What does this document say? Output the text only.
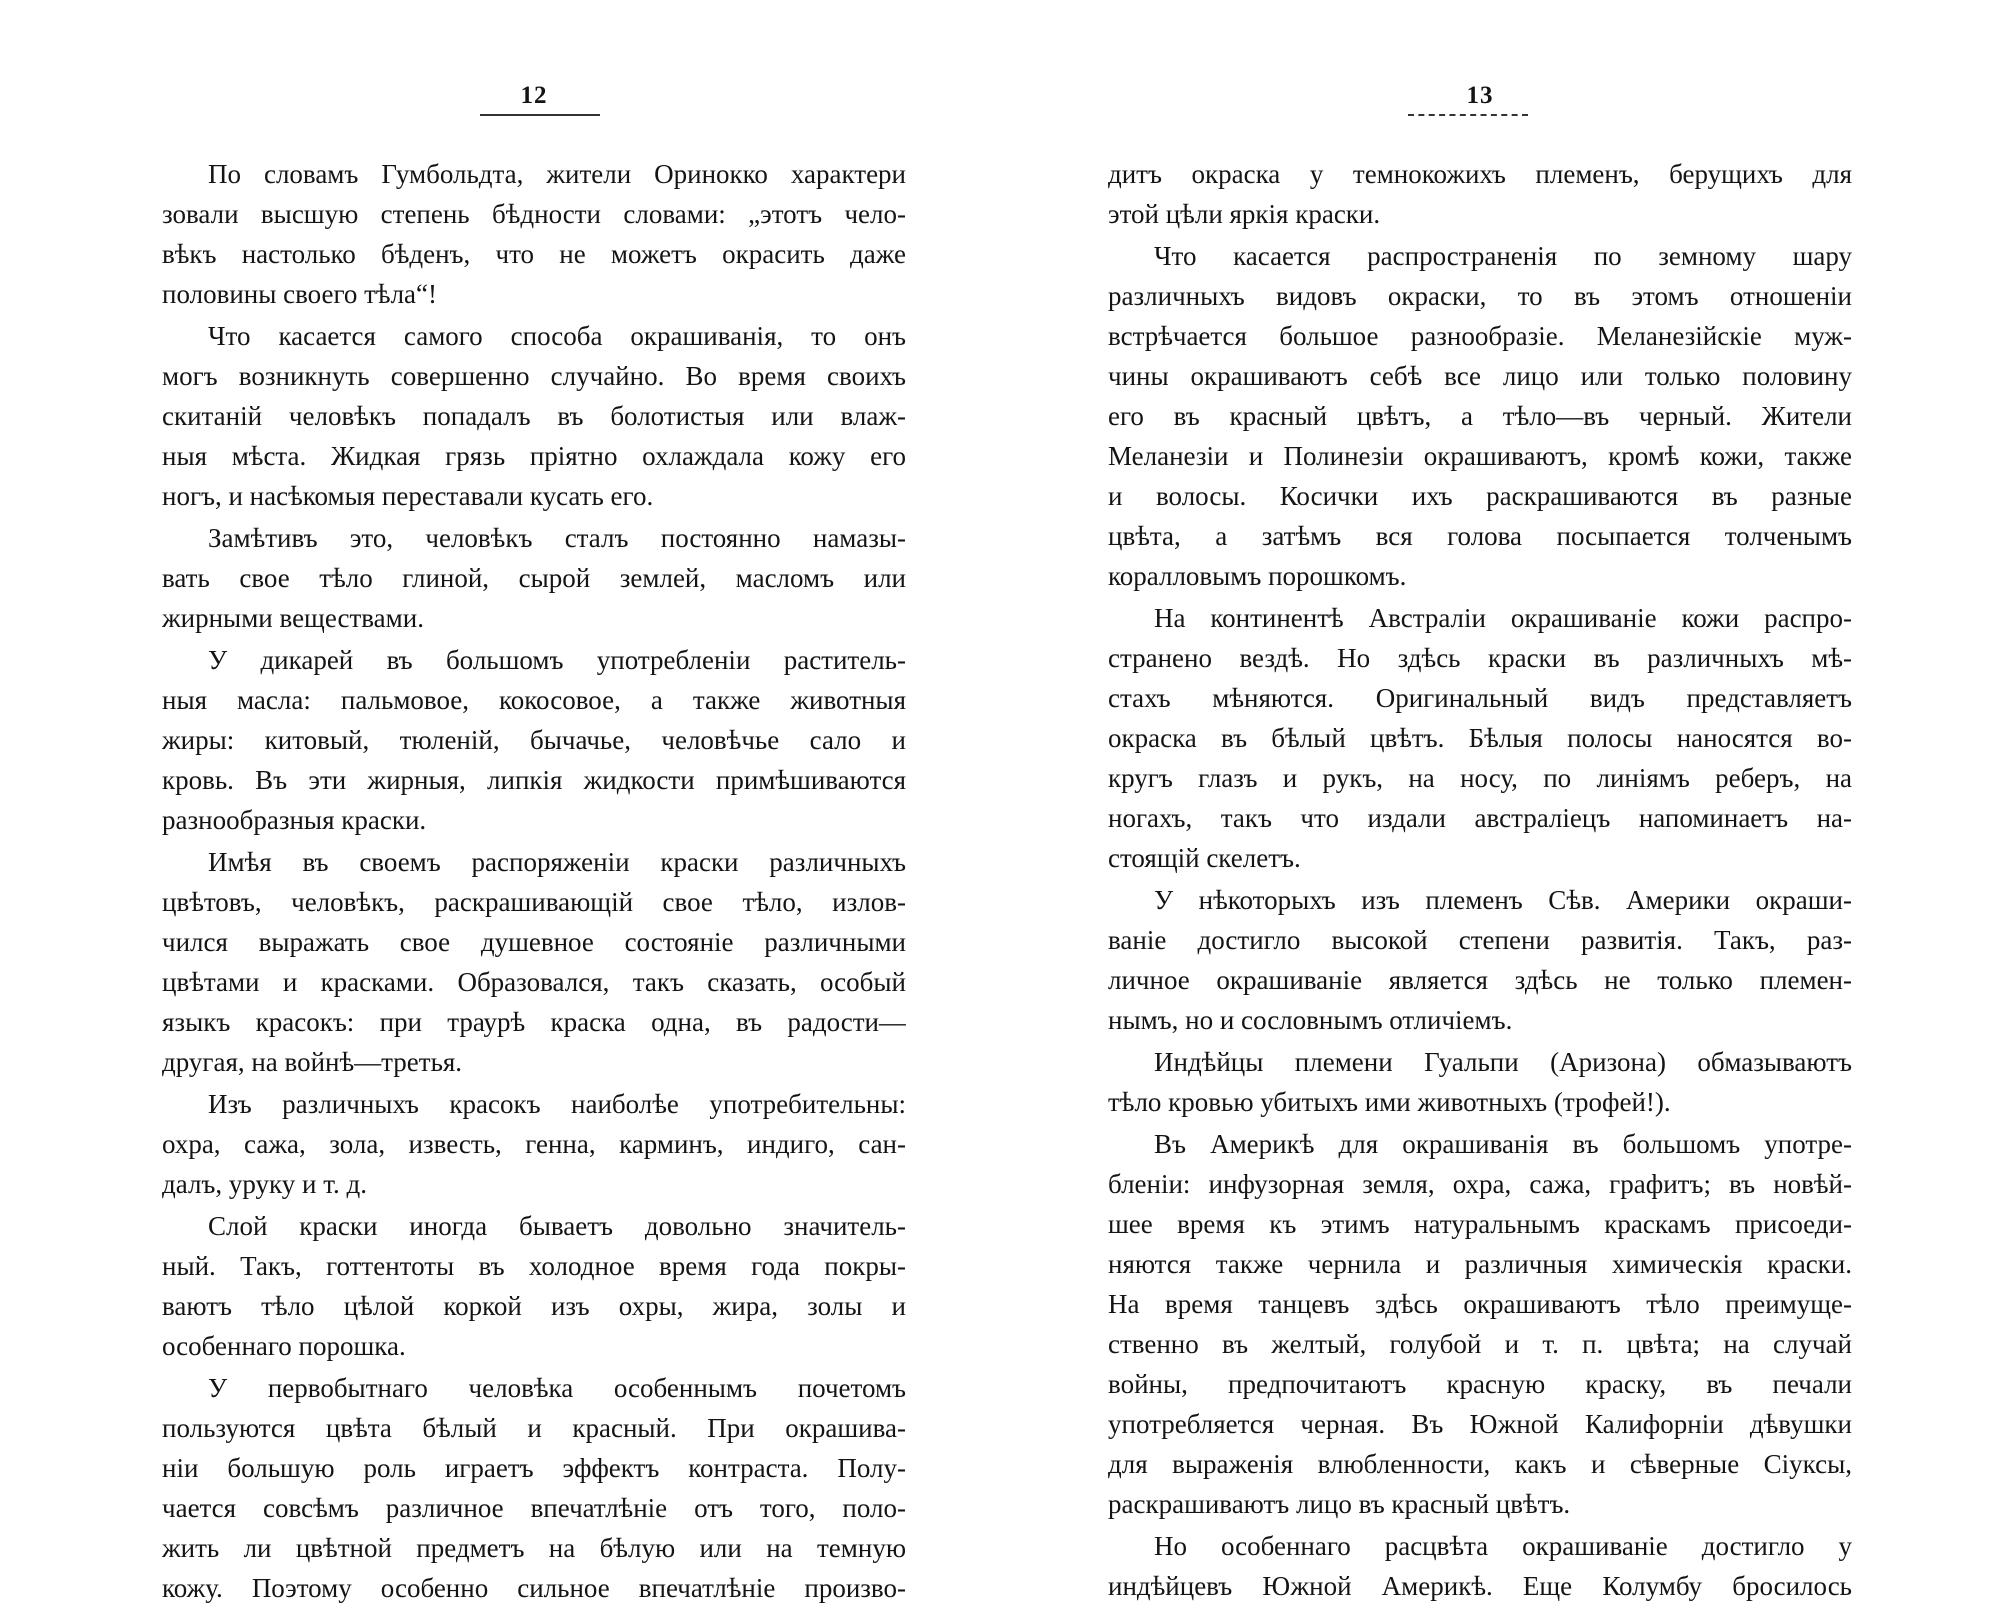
12
По словамъ Гумбольдта, жители Оринокко характери
зовали высшую степень бѣдности словами: „этотъ чело-
вѣкъ настолько бѣденъ, что не можетъ окрасить даже
половины своего тѣла“!
Что касается самого способа окрашиванія, то онъ
могъ возникнуть совершенно случайно. Во время своихъ
скитаній человѣкъ попадалъ въ болотистыя или влаж-
ныя мѣста. Жидкая грязь пріятно охлаждала кожу его
ногъ, и насѣкомыя переставали кусать его.
Замѣтивъ это, человѣкъ сталъ постоянно намазы-
вать свое тѣло глиной, сырой землей, масломъ или
жирными веществами.
У дикарей въ большомъ употребленіи раститель-
ныя масла: пальмовое, кокосовое, а также животныя
жиры: китовый, тюленій, бычачье, человѣчье сало и
кровь. Въ эти жирныя, липкія жидкости примѣшиваются
разнообразныя краски.
Имѣя въ своемъ распоряженіи краски различныхъ
цвѣтовъ, человѣкъ, раскрашивающій свое тѣло, излов-
чился выражать свое душевное состояніе различными
цвѣтами и красками. Образовался, такъ сказать, особый
языкъ красокъ: при траурѣ краска одна, въ радости—
другая, на войнѣ—третья.
Изъ различныхъ красокъ наиболѣе употребительны:
охра, сажа, зола, известь, генна, карминъ, индиго, сан-
далъ, уруку и т. д.
Слой краски иногда бываетъ довольно значитель-
ный. Такъ, готтентоты въ холодное время года покры-
ваютъ тѣло цѣлой коркой изъ охры, жира, золы и
особеннаго порошка.
У первобытнаго человѣка особеннымъ почетомъ
пользуются цвѣта бѣлый и красный. При окрашива-
ніи большую роль играетъ эффектъ контраста. Полу-
чается совсѣмъ различное впечатлѣніе отъ того, поло-
жить ли цвѣтной предметъ на бѣлую или на темную
кожу. Поэтому особенно сильное впечатлѣніе произво-
13
дитъ окраска у темнокожихъ племенъ, берущихъ для
этой цѣли яркія краски.
Что касается распространенія по земному шару
различныхъ видовъ окраски, то въ этомъ отношеніи
встрѣчается большое разнообразіе. Меланезійскіе муж-
чины окрашиваютъ себѣ все лицо или только половину
его въ красный цвѣтъ, а тѣло—въ черный. Жители
Меланезіи и Полинезіи окрашиваютъ, кромѣ кожи, также
и волосы. Косички ихъ раскрашиваются въ разные
цвѣта, а затѣмъ вся голова посыпается толченымъ
коралловымъ порошкомъ.
На континентѣ Австраліи окрашиваніе кожи распро-
странено вездѣ. Но здѣсь краски въ различныхъ мѣ-
стахъ мѣняются. Оригинальный видъ представляетъ
окраска въ бѣлый цвѣтъ. Бѣлыя полосы наносятся во-
кругъ глазъ и рукъ, на носу, по линіямъ реберъ, на
ногахъ, такъ что издали австраліецъ напоминаетъ на-
стоящій скелетъ.
У нѣкоторыхъ изъ племенъ Сѣв. Америки окраши-
ваніе достигло высокой степени развитія. Такъ, раз-
личное окрашиваніе является здѣсь не только племен-
нымъ, но и сословнымъ отличіемъ.
Индѣйцы племени Гуальпи (Аризона) обмазываютъ
тѣло кровью убитыхъ ими животныхъ (трофей!).
Въ Америкѣ для окрашиванія въ большомъ употре-
бленіи: инфузорная земля, охра, сажа, графитъ; въ новѣй-
шее время къ этимъ натуральнымъ краскамъ присоеди-
няются также чернила и различныя химическія краски.
На время танцевъ здѣсь окрашиваютъ тѣло преимуще-
ственно въ желтый, голубой и т. п. цвѣта; на случай
войны, предпочитаютъ красную краску, въ печали
употребляется черная. Въ Южной Калифорніи дѣвушки
для выраженія влюбленности, какъ и сѣверные Сіуксы,
раскрашиваютъ лицо въ красный цвѣтъ.
Но особеннаго расцвѣта окрашиваніе достигло у
индѣйцевъ Южной Америкѣ. Еще Колумбу бросилось
